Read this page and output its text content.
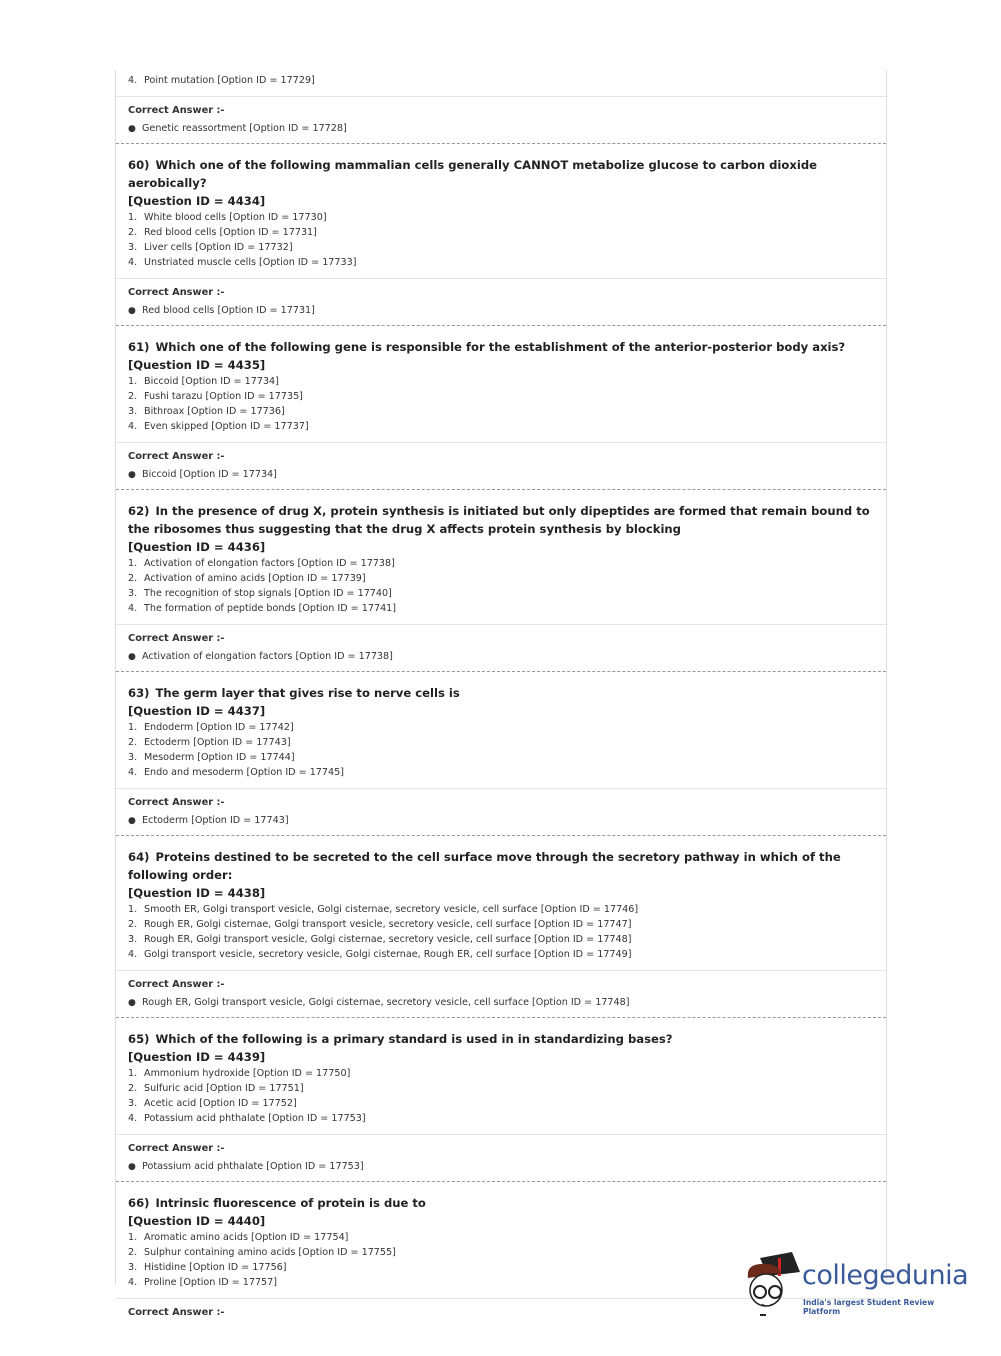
4. Point mutation [Option ID = 17729]
Correct Answer :-
● Genetic reassortment [Option ID = 17728]
60) Which one of the following mammalian cells generally CANNOT metabolize glucose to carbon dioxide aerobically?
[Question ID = 4434]
1. White blood cells [Option ID = 17730]
2. Red blood cells [Option ID = 17731]
3. Liver cells [Option ID = 17732]
4. Unstriated muscle cells [Option ID = 17733]
Correct Answer :-
● Red blood cells [Option ID = 17731]
61) Which one of the following gene is responsible for the establishment of the anterior-posterior body axis?
[Question ID = 4435]
1. Biccoid [Option ID = 17734]
2. Fushi tarazu [Option ID = 17735]
3. Bithroax [Option ID = 17736]
4. Even skipped [Option ID = 17737]
Correct Answer :-
● Biccoid [Option ID = 17734]
62) In the presence of drug X, protein synthesis is initiated but only dipeptides are formed that remain bound to the ribosomes thus suggesting that the drug X affects protein synthesis by blocking
[Question ID = 4436]
1. Activation of elongation factors [Option ID = 17738]
2. Activation of amino acids [Option ID = 17739]
3. The recognition of stop signals [Option ID = 17740]
4. The formation of peptide bonds [Option ID = 17741]
Correct Answer :-
● Activation of elongation factors [Option ID = 17738]
63) The germ layer that gives rise to nerve cells is
[Question ID = 4437]
1. Endoderm [Option ID = 17742]
2. Ectoderm [Option ID = 17743]
3. Mesoderm [Option ID = 17744]
4. Endo and mesoderm [Option ID = 17745]
Correct Answer :-
● Ectoderm [Option ID = 17743]
64) Proteins destined to be secreted to the cell surface move through the secretory pathway in which of the following order:
[Question ID = 4438]
1. Smooth ER, Golgi transport vesicle, Golgi cisternae, secretory vesicle, cell surface [Option ID = 17746]
2. Rough ER, Golgi cisternae, Golgi transport vesicle, secretory vesicle, cell surface [Option ID = 17747]
3. Rough ER, Golgi transport vesicle, Golgi cisternae, secretory vesicle, cell surface [Option ID = 17748]
4. Golgi transport vesicle, secretory vesicle, Golgi cisternae, Rough ER, cell surface [Option ID = 17749]
Correct Answer :-
● Rough ER, Golgi transport vesicle, Golgi cisternae, secretory vesicle, cell surface [Option ID = 17748]
65) Which of the following is a primary standard is used in in standardizing bases?
[Question ID = 4439]
1. Ammonium hydroxide [Option ID = 17750]
2. Sulfuric acid [Option ID = 17751]
3. Acetic acid [Option ID = 17752]
4. Potassium acid phthalate [Option ID = 17753]
Correct Answer :-
● Potassium acid phthalate [Option ID = 17753]
66) Intrinsic fluorescence of protein is due to
[Question ID = 4440]
1. Aromatic amino acids [Option ID = 17754]
2. Sulphur containing amino acids [Option ID = 17755]
3. Histidine [Option ID = 17756]
4. Proline [Option ID = 17757]
Correct Answer :-
collegedunia
India's largest Student Review Platform
